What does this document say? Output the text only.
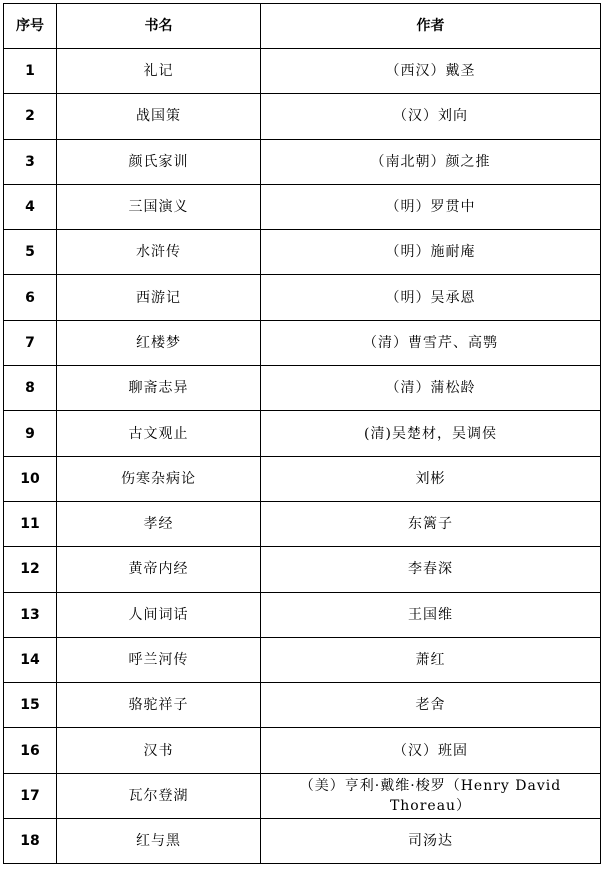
序号	书名	作者
1	礼记	（西汉）戴圣
2	战国策	（汉）刘向
3	颜氏家训	（南北朝）颜之推
4	三国演义	（明）罗贯中
5	水浒传	（明）施耐庵
6	西游记	（明）吴承恩
7	红楼梦	（清）曹雪芹、高鹗
8	聊斋志异	（清）蒲松龄
9	古文观止	(清)吴楚材，吴调侯
10	伤寒杂病论	刘彬
11	孝经	东篱子
12	黄帝内经	李春深
13	人间词话	王国维
14	呼兰河传	萧红
15	骆驼祥子	老舍
16	汉书	（汉）班固
17	瓦尔登湖	（美）亨利·戴维·梭罗（Henry David Thoreau）
18	红与黑	司汤达
